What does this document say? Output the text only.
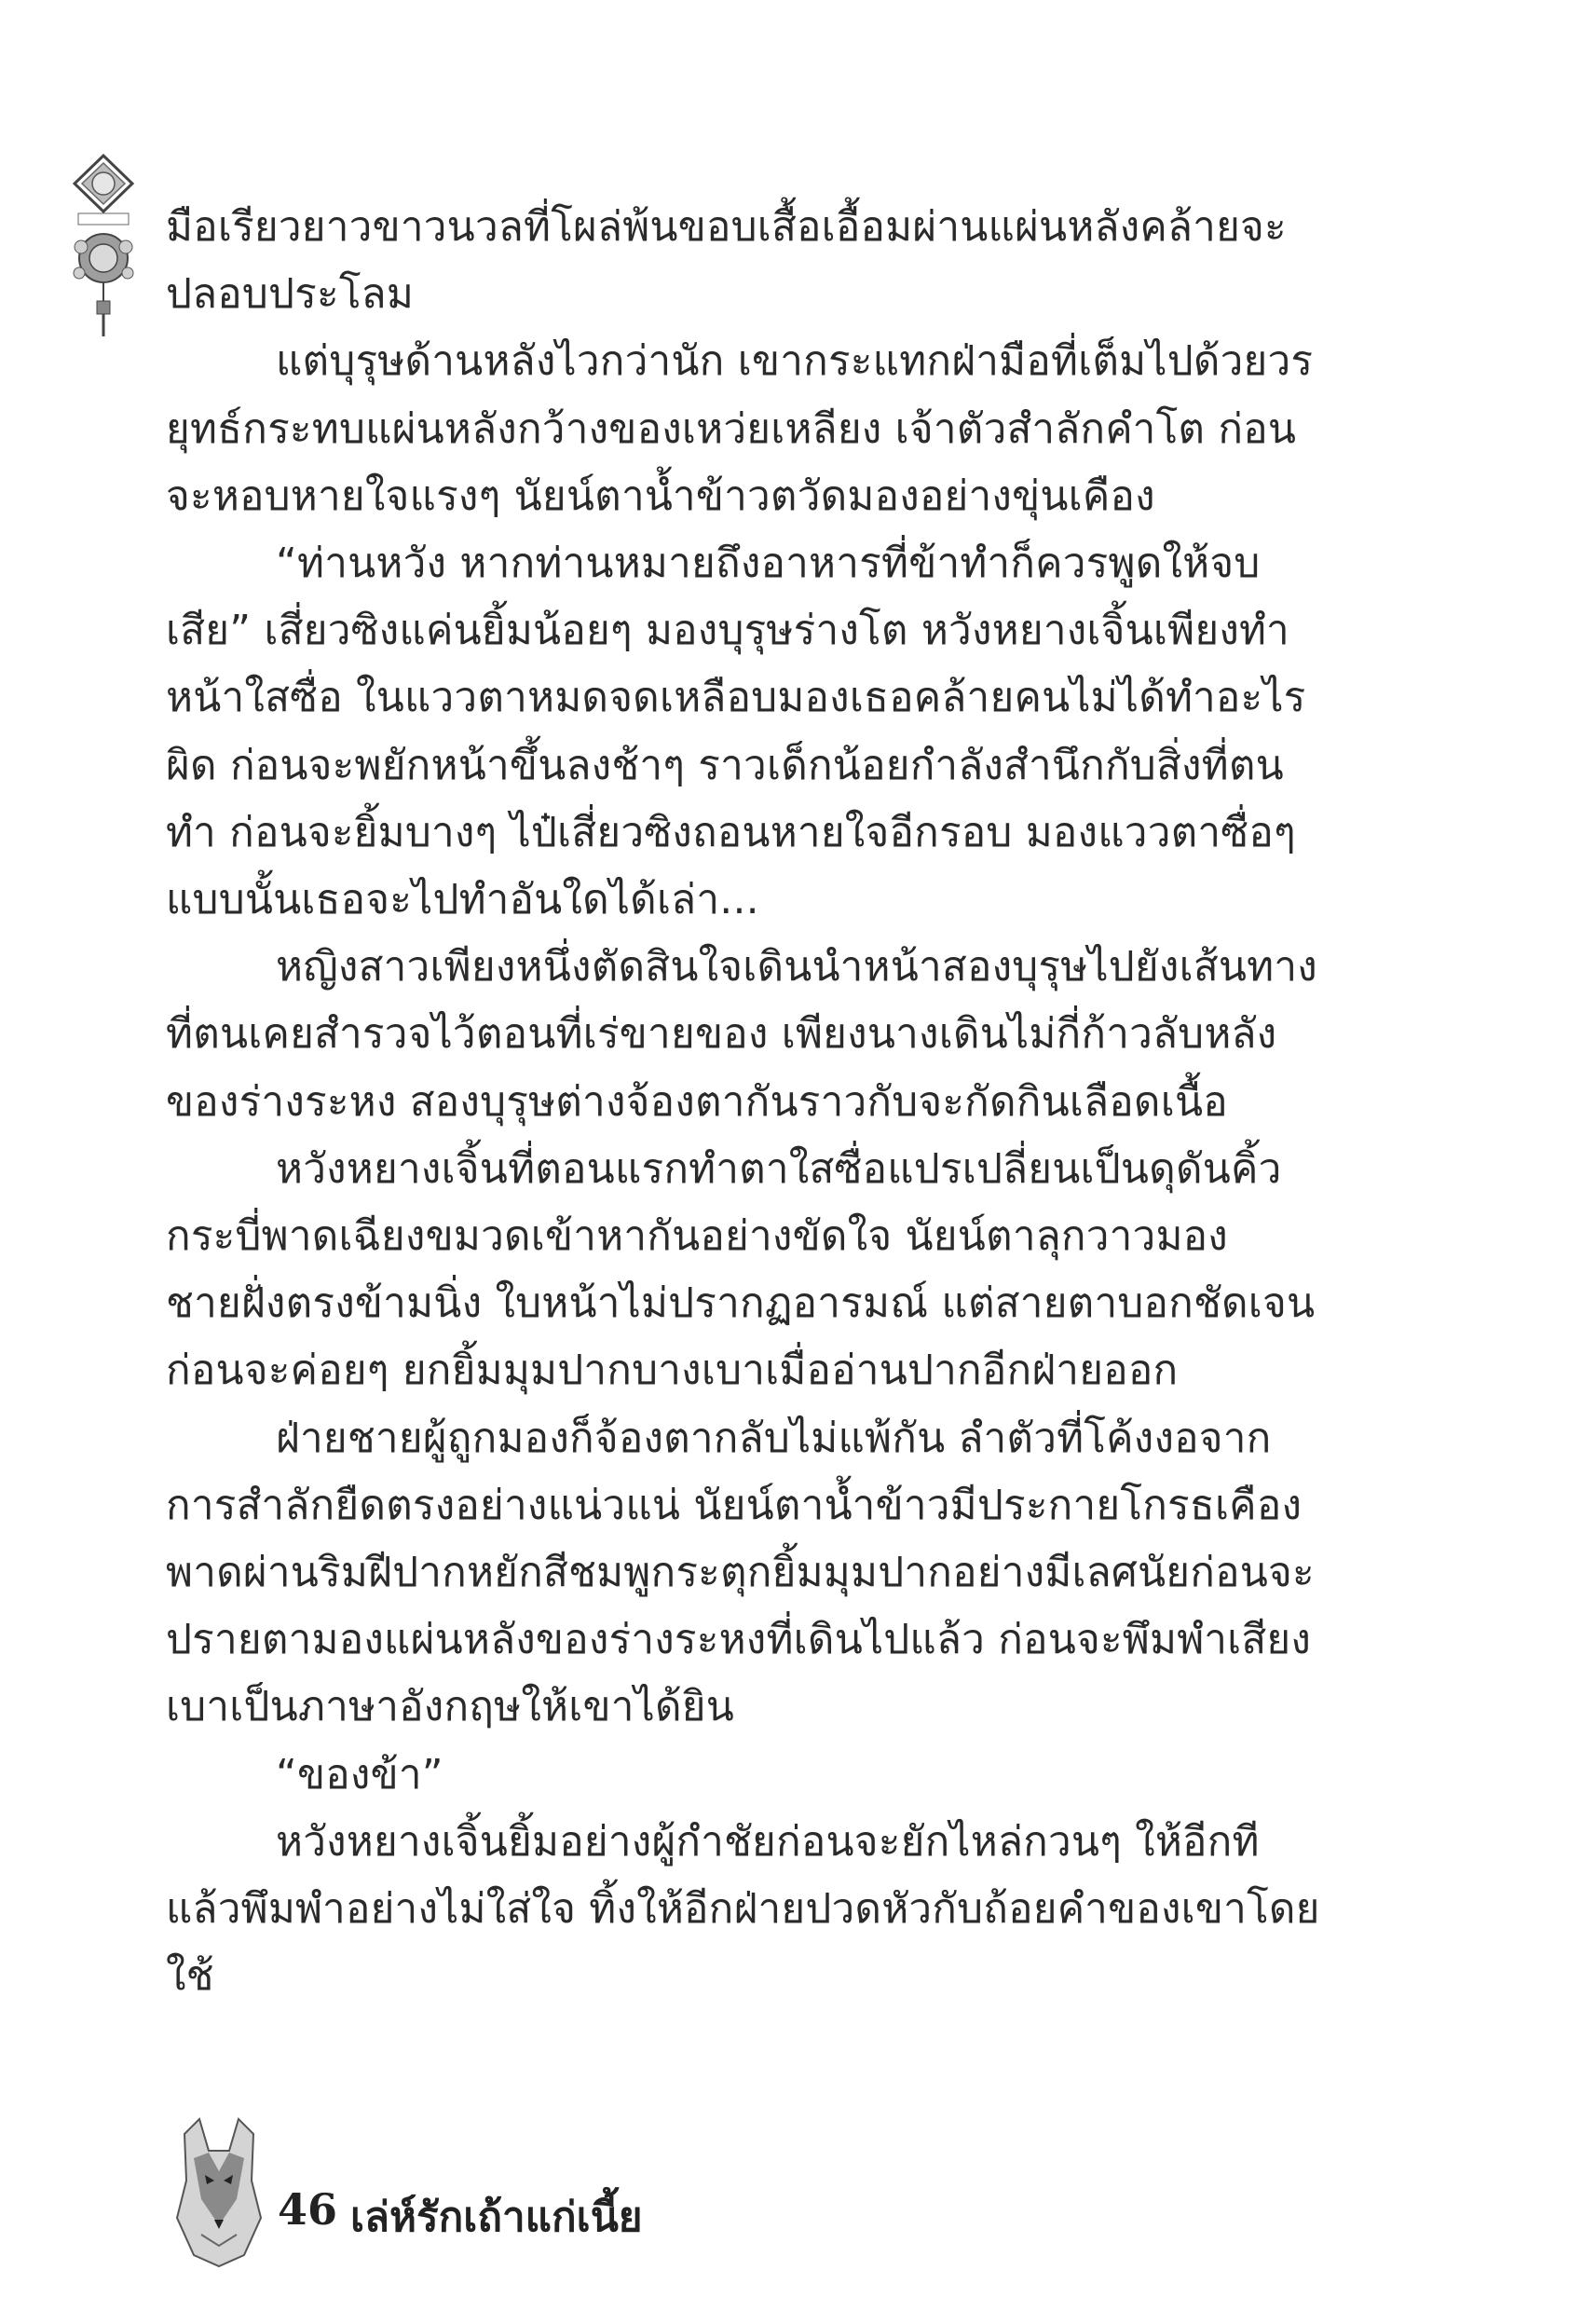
มือเรียวยาวขาวนวลที่โผล่พ้นขอบเสื้อเอื้อมผ่านแผ่นหลังคล้ายจะปลอบประโลม

แต่บุรุษด้านหลังไวกว่านัก เขากระแทกฝ่ามือที่เต็มไปด้วยวรยุทธ์กระทบแผ่นหลังกว้างของเหว่ยเหลียง เจ้าตัวสำลักคำโต ก่อนจะหอบหายใจแรงๆ นัยน์ตาน้ำข้าวตวัดมองอย่างขุ่นเคือง

“ท่านหวัง หากท่านหมายถึงอาหารที่ข้าทำก็ควรพูดให้จบเสีย” เสี่ยวซิงแค่นยิ้มน้อยๆ มองบุรุษร่างโต หวังหยางเจิ้นเพียงทำหน้าใสซื่อ ในแววตาหมดจดเหลือบมองเธอคล้ายคนไม่ได้ทำอะไรผิด ก่อนจะพยักหน้าขึ้นลงช้าๆ ราวเด็กน้อยกำลังสำนึกกับสิ่งที่ตนทำ ก่อนจะยิ้มบางๆ ไป๋เสี่ยวซิงถอนหายใจอีกรอบ มองแววตาซื่อๆ แบบนั้นเธอจะไปทำอันใดได้เล่า...

หญิงสาวเพียงหนึ่งตัดสินใจเดินนำหน้าสองบุรุษไปยังเส้นทางที่ตนเคยสำรวจไว้ตอนที่เร่ขายของ เพียงนางเดินไม่กี่ก้าวลับหลังของร่างระหง สองบุรุษต่างจ้องตากันราวกับจะกัดกินเลือดเนื้อ

หวังหยางเจิ้นที่ตอนแรกทำตาใสซื่อแปรเปลี่ยนเป็นดุดันคิ้วกระบี่พาดเฉียงขมวดเข้าหากันอย่างขัดใจ นัยน์ตาลุกวาวมองชายฝั่งตรงข้ามนิ่ง ใบหน้าไม่ปรากฏอารมณ์ แต่สายตาบอกชัดเจน ก่อนจะค่อยๆ ยกยิ้มมุมปากบางเบาเมื่ออ่านปากอีกฝ่ายออก

ฝ่ายชายผู้ถูกมองก็จ้องตากลับไม่แพ้กัน ลำตัวที่โค้งงอจากการสำลักยืดตรงอย่างแน่วแน่ นัยน์ตาน้ำข้าวมีประกายโกรธเคืองพาดผ่านริมฝีปากหยักสีชมพูกระตุกยิ้มมุมปากอย่างมีเลศนัยก่อนจะปรายตามองแผ่นหลังของร่างระหงที่เดินไปแล้ว ก่อนจะพึมพำเสียงเบาเป็นภาษาอังกฤษให้เขาได้ยิน

“ของข้า”

หวังหยางเจิ้นยิ้มอย่างผู้กำชัยก่อนจะยักไหล่กวนๆ ให้อีกที แล้วพึมพำอย่างไม่ใส่ใจ ทิ้งให้อีกฝ่ายปวดหัวกับถ้อยคำของเขาโดยใช้

46 เล่ห์รักเถ้าแก่เนี้ย
